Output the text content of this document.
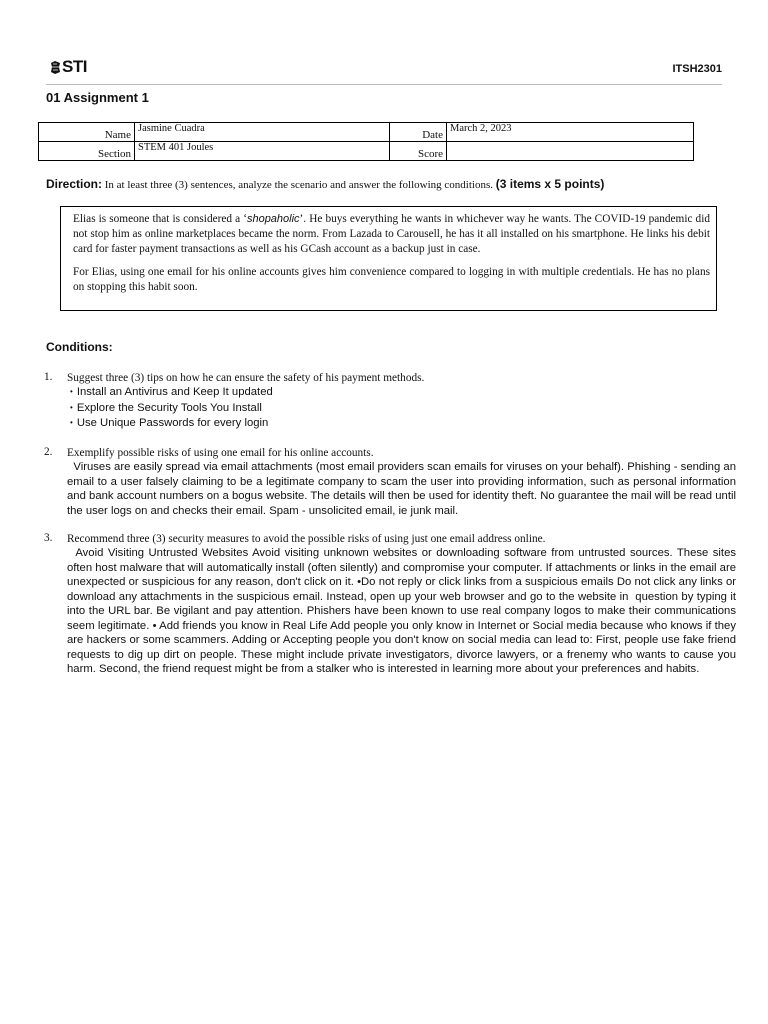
STI	ITSH2301
01 Assignment 1
Name	Jasmine Cuadra	Date	March 2, 2023
Section	STEM 401 Joules	Score	
Direction: In at least three (3) sentences, analyze the scenario and answer the following conditions. (3 items x 5 points)

Elias is someone that is considered a ‘shopaholic’. He buys everything he wants in whichever way he wants. The COVID-19 pandemic did not stop him as online marketplaces became the norm. From Lazada to Carousell, he has it all installed on his smartphone. He links his debit card for faster payment transactions as well as his GCash account as a backup just in case.

For Elias, using one email for his online accounts gives him convenience compared to logging in with multiple credentials. He has no plans on stopping this habit soon.

Conditions:
1. Suggest three (3) tips on how he can ensure the safety of his payment methods.
• Install an Antivirus and Keep It updated
• Explore the Security Tools You Install
• Use Unique Passwords for every login
2. Exemplify possible risks of using one email for his online accounts.
Viruses are easily spread via email attachments (most email providers scan emails for viruses on your behalf). Phishing - sending an email to a user falsely claiming to be a legitimate company to scam the user into providing information, such as personal information and bank account numbers on a bogus website. The details will then be used for identity theft. No guarantee the mail will be read until the user logs on and checks their email. Spam - unsolicited email, ie junk mail.
3. Recommend three (3) security measures to avoid the possible risks of using just one email address online.
Avoid Visiting Untrusted Websites Avoid visiting unknown websites or downloading software from untrusted sources. These sites often host malware that will automatically install (often silently) and compromise your computer. If attachments or links in the email are unexpected or suspicious for any reason, don't click on it. •Do not reply or click links from a suspicious emails Do not click any links or download any attachments in the suspicious email. Instead, open up your web browser and go to the website in  question by typing it into the URL bar. Be vigilant and pay attention. Phishers have been known to use real company logos to make their communications seem legitimate. • Add friends you know in Real Life Add people you only know in Internet or Social media because who knows if they are hackers or some scammers. Adding or Accepting people you don't know on social media can lead to: First, people use fake friend requests to dig up dirt on people. These might include private investigators, divorce lawyers, or a frenemy who wants to cause you harm. Second, the friend request might be from a stalker who is interested in learning more about your preferences and habits.
